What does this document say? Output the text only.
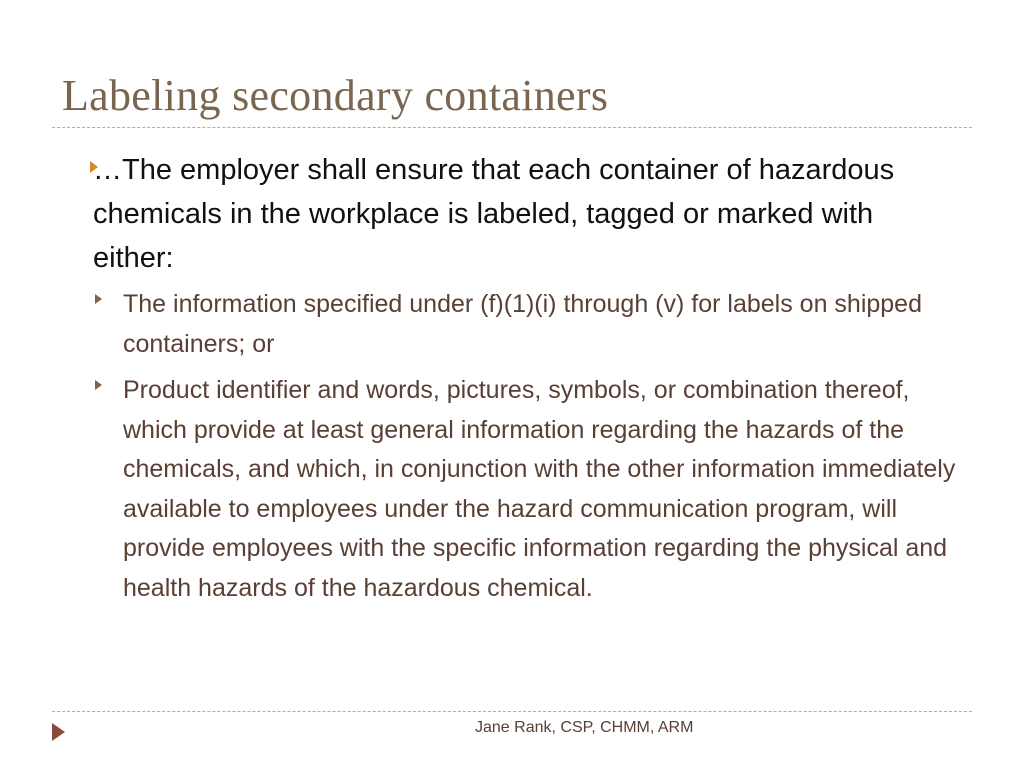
Labeling secondary containers
…The employer shall ensure that each container of hazardous chemicals in the workplace is labeled, tagged or marked with either:
The information specified under (f)(1)(i) through (v) for labels on shipped containers; or
Product identifier and words, pictures, symbols, or combination thereof, which provide at least general information regarding the hazards of the chemicals, and which, in conjunction with the other information immediately available to employees under the hazard communication program, will provide employees with the specific information regarding the physical and health hazards of the hazardous chemical.
Jane Rank, CSP, CHMM, ARM
